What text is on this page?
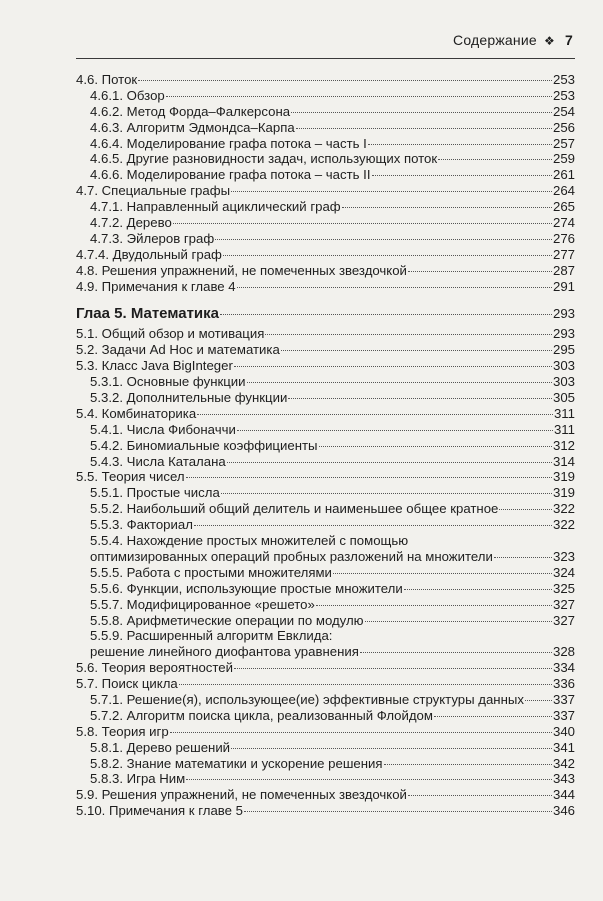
Содержание ❖ 7
4.6. Поток	253
4.6.1. Обзор	253
4.6.2. Метод Форда–Фалкерсона	254
4.6.3. Алгоритм Эдмондса–Карпа	256
4.6.4. Моделирование графа потока – часть I	257
4.6.5. Другие разновидности задач, использующих поток	259
4.6.6. Моделирование графа потока – часть II	261
4.7. Специальные графы	264
4.7.1. Направленный ациклический граф	265
4.7.2. Дерево	274
4.7.3. Эйлеров граф	276
4.7.4. Двудольный граф	277
4.8. Решения упражнений, не помеченных звездочкой	287
4.9. Примечания к главе 4	291
Глаа 5. Математика	293
5.1. Общий обзор и мотивация	293
5.2. Задачи Ad Hoc и математика	295
5.3. Класс Java BigInteger	303
5.3.1. Основные функции	303
5.3.2. Дополнительные функции	305
5.4. Комбинаторика	311
5.4.1. Числа Фибоначчи	311
5.4.2. Биномиальные коэффициенты	312
5.4.3. Числа Каталана	314
5.5. Теория чисел	319
5.5.1. Простые числа	319
5.5.2. Наибольший общий делитель и наименьшее общее кратное	322
5.5.3. Факториал	322
5.5.4. Нахождение простых множителей с помощью
оптимизированных операций пробных разложений на множители	323
5.5.5. Работа с простыми множителями	324
5.5.6. Функции, использующие простые множители	325
5.5.7. Модифицированное «решето»	327
5.5.8. Арифметические операции по модулю	327
5.5.9. Расширенный алгоритм Евклида:
решение линейного диофантова уравнения	328
5.6. Теория вероятностей	334
5.7. Поиск цикла	336
5.7.1. Решение(я), использующее(ие) эффективные структуры данных 337
5.7.2. Алгоритм поиска цикла, реализованный Флойдом	337
5.8. Теория игр	340
5.8.1. Дерево решений	341
5.8.2. Знание математики и ускорение решения	342
5.8.3. Игра Ним	343
5.9. Решения упражнений, не помеченных звездочкой	344
5.10. Примечания к главе 5	346
